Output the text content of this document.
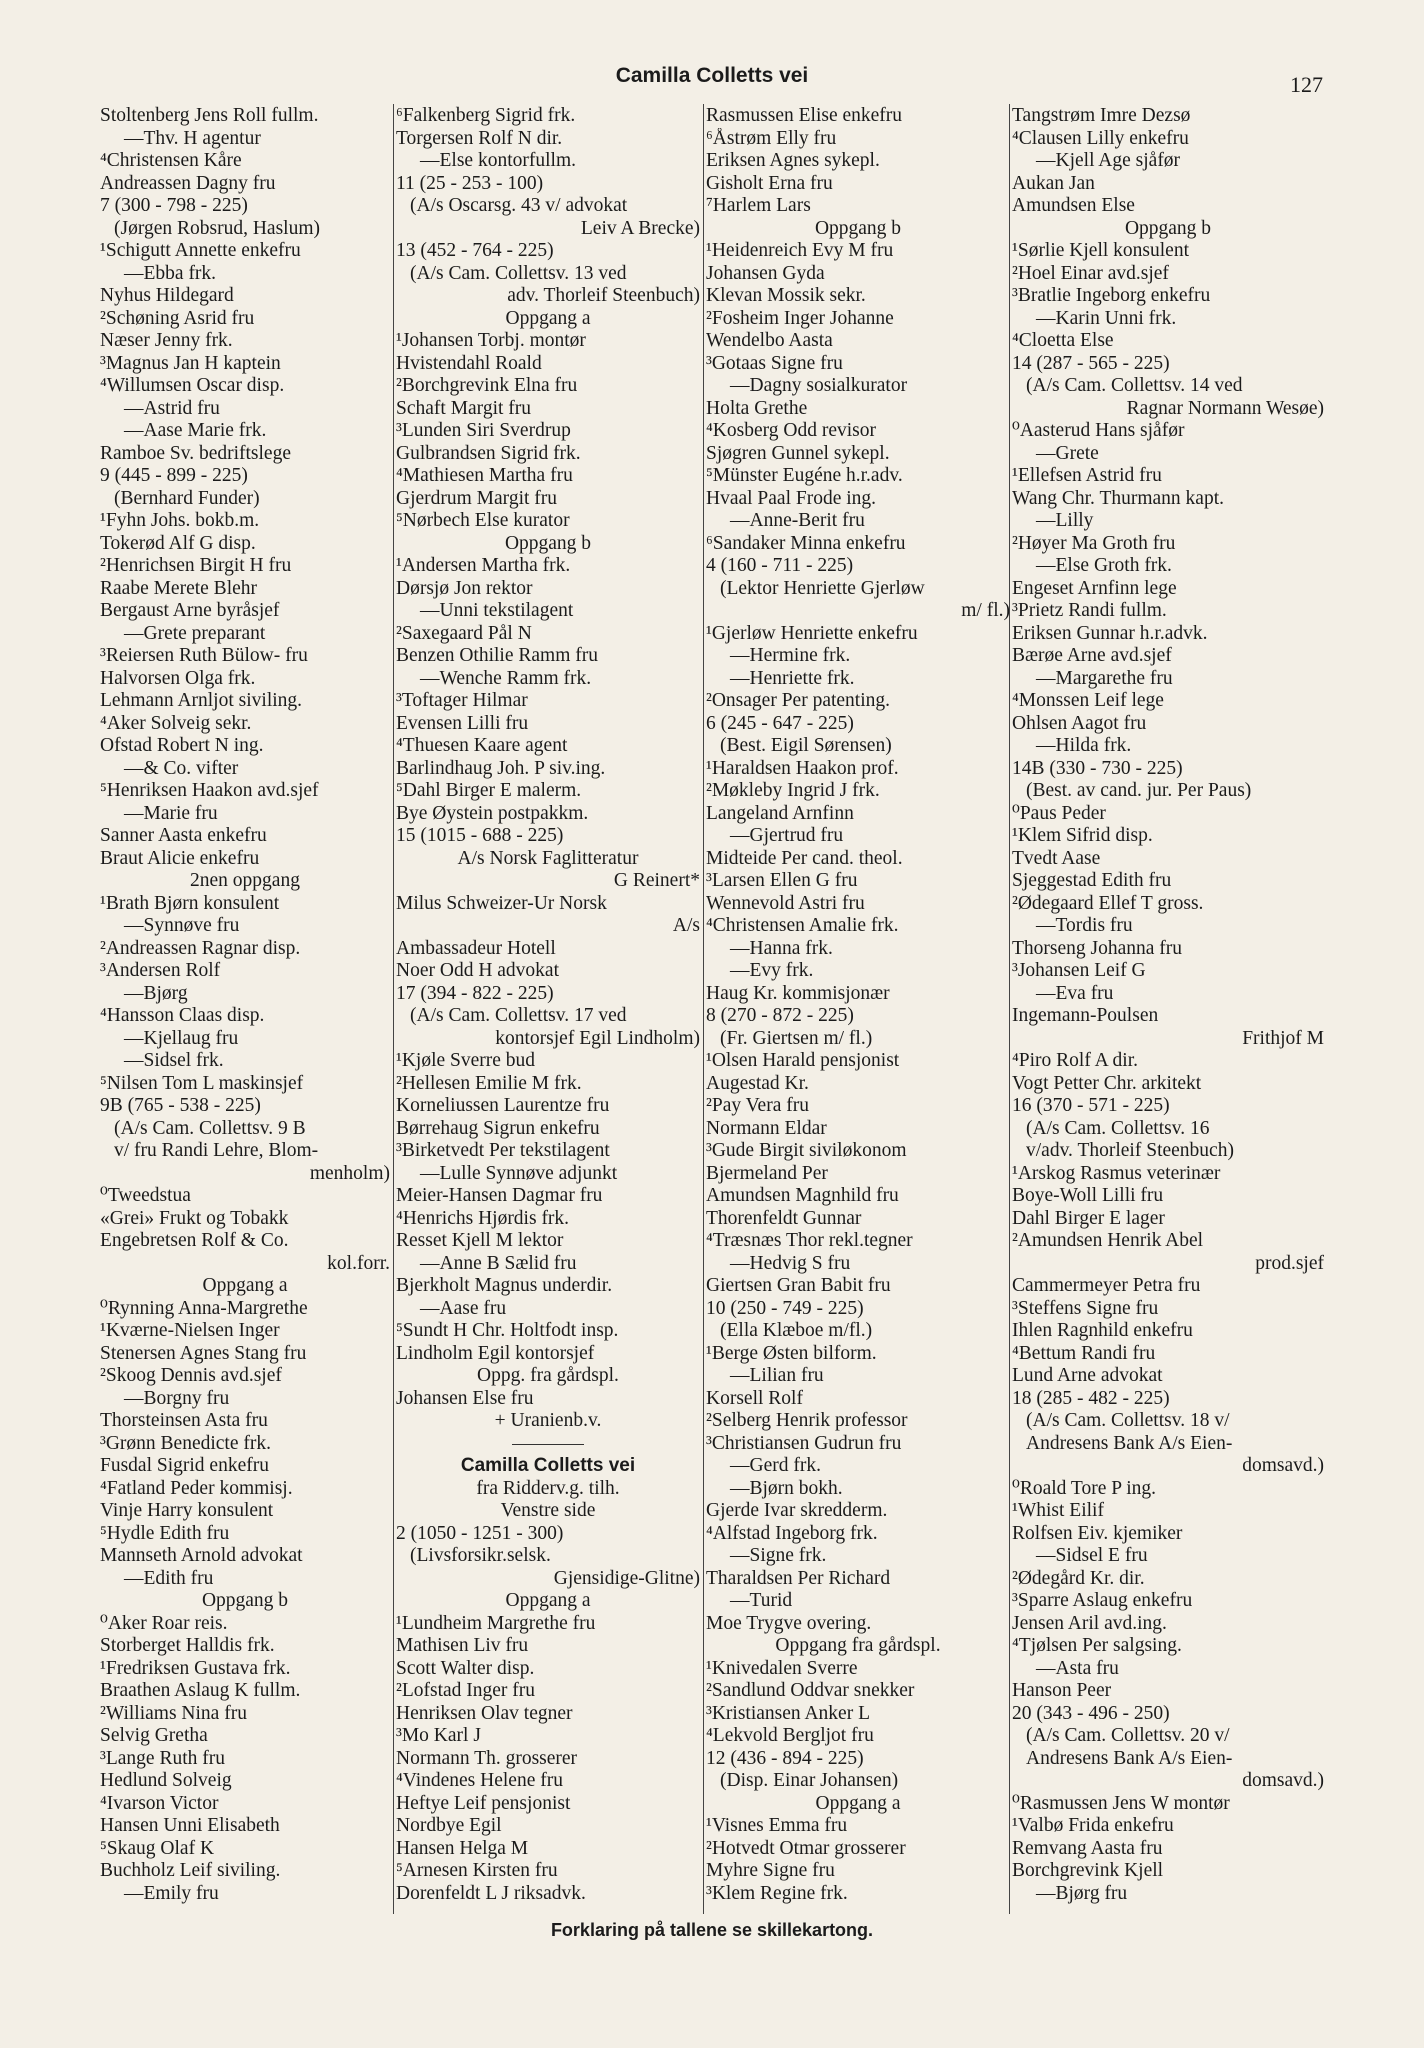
Camilla Colletts vei	127
Stoltenberg Jens Roll fullm.
—Thv. H agentur
⁴Christensen Kåre
Andreassen Dagny fru
7 (300 - 798 - 225)
(Jørgen Robsrud, Haslum)
¹Schigutt Annette enkefru
—Ebba frk.
Nyhus Hildegard
²Schøning Asrid fru
Næser Jenny frk.
³Magnus Jan H kaptein
⁴Willumsen Oscar disp.
—Astrid fru
—Aase Marie frk.
Ramboe Sv. bedriftslege
9 (445 - 899 - 225)
(Bernhard Funder)
¹Fyhn Johs. bokb.m.
Tokerød Alf G disp.
²Henrichsen Birgit H fru
Raabe Merete Blehr
Bergaust Arne byråsjef
—Grete preparant
³Reiersen Ruth Bülow- fru
Halvorsen Olga frk.
Lehmann Arnljot siviling.
⁴Aker Solveig sekr.
Ofstad Robert N ing.
—& Co. vifter
⁵Henriksen Haakon avd.sjef
—Marie fru
Sanner Aasta enkefru
Braut Alicie enkefru
2nen oppgang
¹Brath Bjørn konsulent
—Synnøve fru
²Andreassen Ragnar disp.
³Andersen Rolf
—Bjørg
⁴Hansson Claas disp.
—Kjellaug fru
—Sidsel frk.
⁵Nilsen Tom L maskinsjef
9B (765 - 538 - 225)
(A/s Cam. Collettsv. 9 B
v/ fru Randi Lehre, Blom-
menholm)
⁰Tweedstua
«Grei» Frukt og Tobakk
Engebretsen Rolf & Co.
kol.forr.
Oppgang a
⁰Rynning Anna-Margrethe
¹Kværne-Nielsen Inger
Stenersen Agnes Stang fru
²Skoog Dennis avd.sjef
—Borgny fru
Thorsteinsen Asta fru
³Grønn Benedicte frk.
Fusdal Sigrid enkefru
⁴Fatland Peder kommisj.
Vinje Harry konsulent
⁵Hydle Edith fru
Mannseth Arnold advokat
—Edith fru
Oppgang b
⁰Aker Roar reis.
Storberget Halldis frk.
¹Fredriksen Gustava frk.
Braathen Aslaug K fullm.
²Williams Nina fru
Selvig Gretha
³Lange Ruth fru
Hedlund Solveig
⁴Ivarson Victor
Hansen Unni Elisabeth
⁵Skaug Olaf K
Buchholz Leif siviling.
—Emily fru
⁶Falkenberg Sigrid frk.
Torgersen Rolf N dir.
—Else kontorfullm.
11 (25 - 253 - 100)
(A/s Oscarsg. 43 v/ advokat
Leiv A Brecke)
13 (452 - 764 - 225)
(A/s Cam. Collettsv. 13 ved
adv. Thorleif Steenbuch)
Oppgang a
¹Johansen Torbj. montør
Hvistendahl Roald
²Borchgrevink Elna fru
Schaft Margit fru
³Lunden Siri Sverdrup
Gulbrandsen Sigrid frk.
⁴Mathiesen Martha fru
Gjerdrum Margit fru
⁵Nørbech Else kurator
Oppgang b
¹Andersen Martha frk.
Dørsjø Jon rektor
—Unni tekstilagent
²Saxegaard Pål N
Benzen Othilie Ramm fru
—Wenche Ramm frk.
³Toftager Hilmar
Evensen Lilli fru
⁴Thuesen Kaare agent
Barlindhaug Joh. P siv.ing.
⁵Dahl Birger E malerm.
Bye Øystein postpakkm.
15 (1015 - 688 - 225)
A/s Norsk Faglitteratur
G Reinert*
Milus Schweizer-Ur Norsk
A/s
Ambassadeur Hotell
Noer Odd H advokat
17 (394 - 822 - 225)
(A/s Cam. Collettsv. 17 ved
kontorsjef Egil Lindholm)
¹Kjøle Sverre bud
²Hellesen Emilie M frk.
Korneliussen Laurentze fru
Børrehaug Sigrun enkefru
³Birketvedt Per tekstilagent
—Lulle Synnøve adjunkt
Meier-Hansen Dagmar fru
⁴Henrichs Hjørdis frk.
Resset Kjell M lektor
—Anne B Sælid fru
Bjerkholt Magnus underdir.
—Aase fru
⁵Sundt H Chr. Holtfodt insp.
Lindholm Egil kontorsjef
Oppg. fra gårdspl.
Johansen Else fru
+ Uranienb.v.
Camilla Colletts vei
fra Ridderv.g. tilh.
Venstre side
2 (1050 - 1251 - 300)
(Livsforsikr.selsk.
Gjensidige-Glitne)
Oppgang a
¹Lundheim Margrethe fru
Mathisen Liv fru
Scott Walter disp.
²Lofstad Inger fru
Henriksen Olav tegner
³Mo Karl J
Normann Th. grosserer
⁴Vindenes Helene fru
Heftye Leif pensjonist
Nordbye Egil
Hansen Helga M
⁵Arnesen Kirsten fru
Dorenfeldt L J riksadvk.
Rasmussen Elise enkefru
⁶Åstrøm Elly fru
Eriksen Agnes sykepl.
Gisholt Erna fru
⁷Harlem Lars
Oppgang b
¹Heidenreich Evy M fru
Johansen Gyda
Klevan Mossik sekr.
²Fosheim Inger Johanne
Wendelbo Aasta
³Gotaas Signe fru
—Dagny sosialkurator
Holta Grethe
⁴Kosberg Odd revisor
Sjøgren Gunnel sykepl.
⁵Münster Eugéne h.r.adv.
Hvaal Paal Frode ing.
—Anne-Berit fru
⁶Sandaker Minna enkefru
4 (160 - 711 - 225)
(Lektor Henriette Gjerløw
m/ fl.)
¹Gjerløw Henriette enkefru
—Hermine frk.
—Henriette frk.
²Onsager Per patenting.
6 (245 - 647 - 225)
(Best. Eigil Sørensen)
¹Haraldsen Haakon prof.
²Møkleby Ingrid J frk.
Langeland Arnfinn
—Gjertrud fru
Midteide Per cand. theol.
³Larsen Ellen G fru
Wennevold Astri fru
⁴Christensen Amalie frk.
—Hanna frk.
—Evy frk.
Haug Kr. kommisjonær
8 (270 - 872 - 225)
(Fr. Giertsen m/ fl.)
¹Olsen Harald pensjonist
Augestad Kr.
²Pay Vera fru
Normann Eldar
³Gude Birgit siviløkonom
Bjermeland Per
Amundsen Magnhild fru
Thorenfeldt Gunnar
⁴Træsnæs Thor rekl.tegner
—Hedvig S fru
Giertsen Gran Babit fru
10 (250 - 749 - 225)
(Ella Klæboe m/fl.)
¹Berge Østen bilform.
—Lilian fru
Korsell Rolf
²Selberg Henrik professor
³Christiansen Gudrun fru
—Gerd frk.
—Bjørn bokh.
Gjerde Ivar skredderm.
⁴Alfstad Ingeborg frk.
—Signe frk.
Tharaldsen Per Richard
—Turid
Moe Trygve overing.
Oppgang fra gårdspl.
¹Knivedalen Sverre
²Sandlund Oddvar snekker
³Kristiansen Anker L
⁴Lekvold Bergljot fru
12 (436 - 894 - 225)
(Disp. Einar Johansen)
Oppgang a
¹Visnes Emma fru
²Hotvedt Otmar grosserer
Myhre Signe fru
³Klem Regine frk.
Tangstrøm Imre Dezsø
⁴Clausen Lilly enkefru
—Kjell Age sjåfør
Aukan Jan
Amundsen Else
Oppgang b
¹Sørlie Kjell konsulent
²Hoel Einar avd.sjef
³Bratlie Ingeborg enkefru
—Karin Unni frk.
⁴Cloetta Else
14 (287 - 565 - 225)
(A/s Cam. Collettsv. 14 ved
Ragnar Normann Wesøe)
⁰Aasterud Hans sjåfør
—Grete
¹Ellefsen Astrid fru
Wang Chr. Thurmann kapt.
—Lilly
²Høyer Ma Groth fru
—Else Groth frk.
Engeset Arnfinn lege
³Prietz Randi fullm.
Eriksen Gunnar h.r.advk.
Bærøe Arne avd.sjef
—Margarethe fru
⁴Monssen Leif lege
Ohlsen Aagot fru
—Hilda frk.
14B (330 - 730 - 225)
(Best. av cand. jur. Per Paus)
⁰Paus Peder
¹Klem Sifrid disp.
Tvedt Aase
Sjeggestad Edith fru
²Ødegaard Ellef T gross.
—Tordis fru
Thorseng Johanna fru
³Johansen Leif G
—Eva fru
Ingemann-Poulsen
Frithjof M
⁴Piro Rolf A dir.
Vogt Petter Chr. arkitekt
16 (370 - 571 - 225)
(A/s Cam. Collettsv. 16
v/adv. Thorleif Steenbuch)
¹Arskog Rasmus veterinær
Boye-Woll Lilli fru
Dahl Birger E lager
²Amundsen Henrik Abel
prod.sjef
Cammermeyer Petra fru
³Steffens Signe fru
Ihlen Ragnhild enkefru
⁴Bettum Randi fru
Lund Arne advokat
18 (285 - 482 - 225)
(A/s Cam. Collettsv. 18 v/
Andresens Bank A/s Eien-
domsavd.)
⁰Roald Tore P ing.
¹Whist Eilif
Rolfsen Eiv. kjemiker
—Sidsel E fru
²Ødegård Kr. dir.
³Sparre Aslaug enkefru
Jensen Aril avd.ing.
⁴Tjølsen Per salgsing.
—Asta fru
Hanson Peer
20 (343 - 496 - 250)
(A/s Cam. Collettsv. 20 v/
Andresens Bank A/s Eien-
domsavd.)
⁰Rasmussen Jens W montør
¹Valbø Frida enkefru
Remvang Aasta fru
Borchgrevink Kjell
—Bjørg fru
Forklaring på tallene se skillekartong.
